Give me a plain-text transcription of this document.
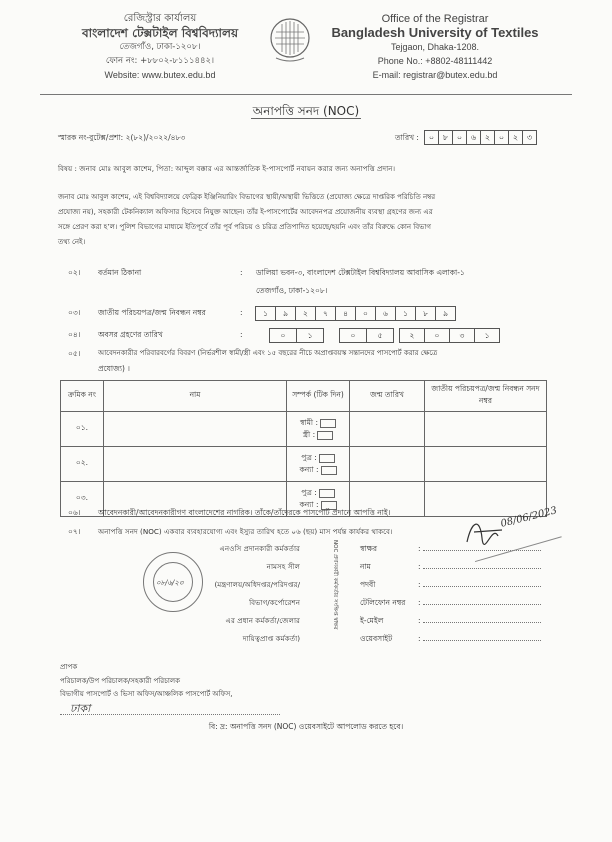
রেজিস্ট্রার কার্যালয়
বাংলাদেশ টেক্সটাইল বিশ্ববিদ্যালয়
তেজগাঁও, ঢাকা-১২০৮।
ফোন নং: +৮৮০২-৮১১১৪৪২।
Website: www.butex.edu.bd
Office of the Registrar
Bangladesh University of Textiles
Tejgaon, Dhaka-1208.
Phone No.: +8802-48111442
E-mail: registrar@butex.edu.bd
অনাপত্তি সনদ (NOC)
স্মারক নং-বুটেক্স/প্রশা: ২(৮২)/২০২২/৪৮৩	তারিখ :	০	৮	০	৬	২	০	২	৩
বিষয় : জনাব মোঃ আবুল কাশেম, পিতা: আব্দুল বক্কার এর আন্তর্জাতিক ই-পাসপোর্ট নবায়ন করার জন্য অনাপত্তি প্রদান।
জনাব মোঃ আবুল কাশেম, এই বিশ্ববিদ্যালয়ে ফেব্রিক ইঞ্জিনিয়ারিং বিভাগের স্থায়ী/অস্থায়ী ভিত্তিতে (প্রযোজ্য ক্ষেত্রে দাপ্তরিক পরিচিতি নম্বর
প্রযোজ্য নয়), সহকারী টেকনিক্যাল অফিসার হিসেবে নিযুক্ত আছেন। তাঁর ই-পাসপোর্টের আবেদনপত্র প্রয়োজনীয় ব্যবস্থা গ্রহণের জন্য এর
সঙ্গে প্রেরণ করা হ’ল। পুলিশ বিভাগের মাধ্যমে ইতিপূর্বে তাঁর পূর্ব পরিচয় ও চরিত্র প্রতিপাদিত হয়েছে/হয়নি এবং তাঁর বিরুদ্ধে কোন বিভাগ
তথ্য নেই।
০২। বর্তমান ঠিকানা	: ডালিয়া ভবন-৩, বাংলাদেশ টেক্সটাইল বিশ্ববিদ্যালয় আবাসিক এলাকা-১
তেজগাঁও, ঢাকা-১২০৮।
০৩। জাতীয় পরিচয়পত্র/জন্ম নিবন্ধন নম্বর	:	১	৯	২	৭	৪	০	৬	১	৮	৯
০৪। অবসর গ্রহণের তারিখ	:	০	১	০	৫	২	০	৩	১
০৫।	আবেদনকারীর পরিবারবর্গের বিবরণ (নির্ভরশীল স্বামী/স্ত্রী এবং ১৫ বছরের নীচে অপ্রাপ্তবয়স্ক সন্তানদের পাসপোর্ট করার ক্ষেত্রে
প্রযোজ্য) ।
ক্রমিক নং	নাম	সম্পর্ক (টিক দিন)	জন্ম তারিখ	জাতীয় পরিচয়পত্র/জন্ম নিবন্ধন সনদ নম্বর
০১.		স্বামী :
স্ত্রী :		

০২.		পুত্র :
কন্যা :		

০৩.		পুত্র :
কন্যা :		

০৬। আবেদনকারী/আবেদনকারীগণ বাংলাদেশের নাগরিক। তাঁকে/তাঁদেরকে পাসপোর্ট প্রদানে আপত্তি নাই।
০৭। অনাপত্তি সনদ (NOC) একবার ব্যবহারযোগ্য এবং ইস্যুর তারিখ হতে ০৬ (ছয়) মাস পর্যন্ত কার্যকর থাকবে।
০৮/৬/২৩
এনওসি প্রদানকারী কর্মকর্তার
নামসহ সীল
(মন্ত্রণালয়/অধিদপ্তর/পরিদপ্তর/
বিভাগ/কর্পোরেশন
এর প্রধান কর্মকর্তা/জেলার
দায়িত্বপ্রাপ্ত কর্মকর্তা)
NOC প্রদানকারী কর্মকর্তার সংক্ষিপ্ত স্বাক্ষর	স্বাক্ষর	:
নাম	:
পদবী	:
টেলিফোন নম্বর :
ই-মেইল	:
ওয়েবসাইট	:
08/06/2023
প্রাপক
পরিচালক/উপ পরিচালক/সহকারী পরিচালক
বিভাগীয় পাসপোর্ট ও ভিসা অফিস/আঞ্চলিক পাসপোর্ট অফিস,
ঢাকা
বি: দ্র: অনাপত্তি সনদ (NOC) ওয়েবসাইটে আপলোড করতে হবে।
